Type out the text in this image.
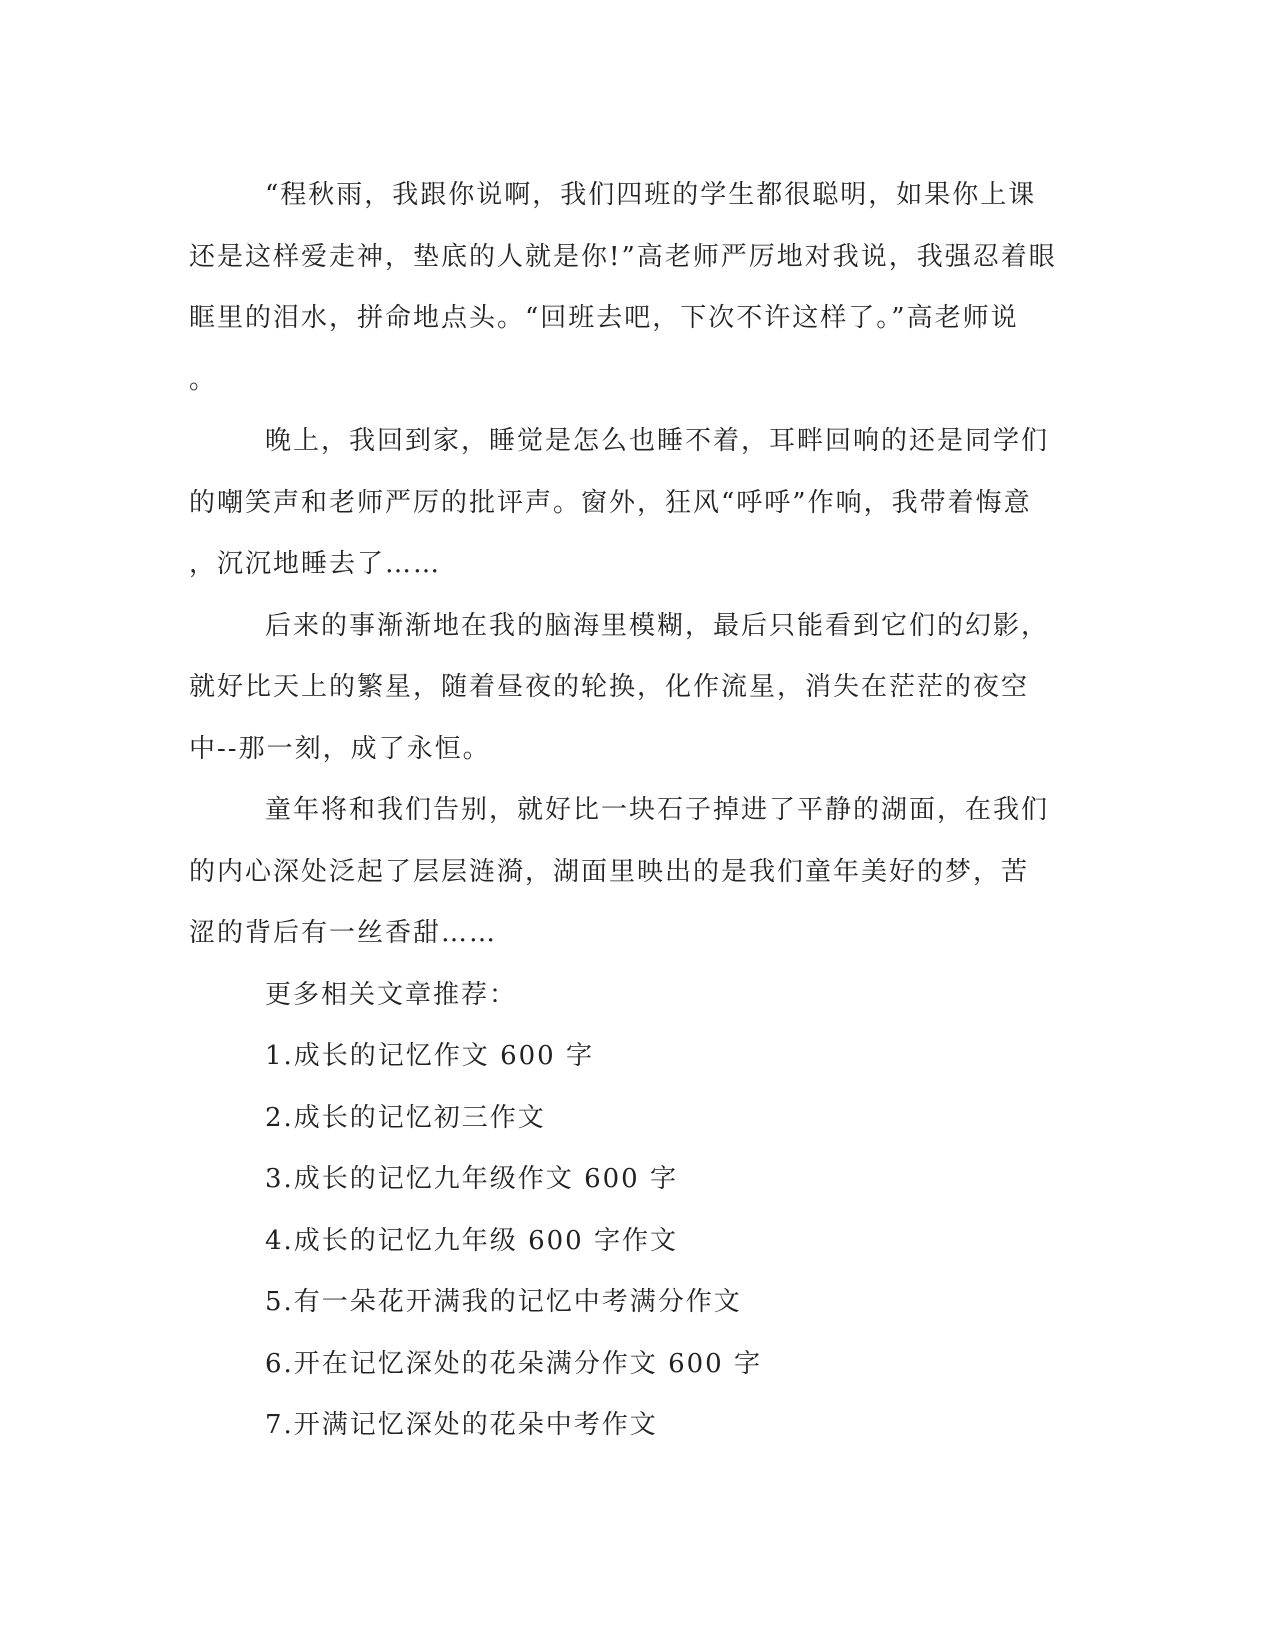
“程秋雨，我跟你说啊，我们四班的学生都很聪明，如果你上课
还是这样爱走神，垫底的人就是你!”高老师严厉地对我说，我强忍着眼
眶里的泪水，拼命地点头。“回班去吧，下次不许这样了。”高老师说
。

晚上，我回到家，睡觉是怎么也睡不着，耳畔回响的还是同学们
的嘲笑声和老师严厉的批评声。窗外，狂风“呼呼”作响，我带着悔意
，沉沉地睡去了……

后来的事渐渐地在我的脑海里模糊，最后只能看到它们的幻影，
就好比天上的繁星，随着昼夜的轮换，化作流星，消失在茫茫的夜空
中--那一刻，成了永恒。

童年将和我们告别，就好比一块石子掉进了平静的湖面，在我们
的内心深处泛起了层层涟漪，湖面里映出的是我们童年美好的梦，苦
涩的背后有一丝香甜……

更多相关文章推荐：

1.成长的记忆作文 600 字
2.成长的记忆初三作文
3.成长的记忆九年级作文 600 字
4.成长的记忆九年级 600 字作文
5.有一朵花开满我的记忆中考满分作文
6.开在记忆深处的花朵满分作文 600 字
7.开满记忆深处的花朵中考作文
